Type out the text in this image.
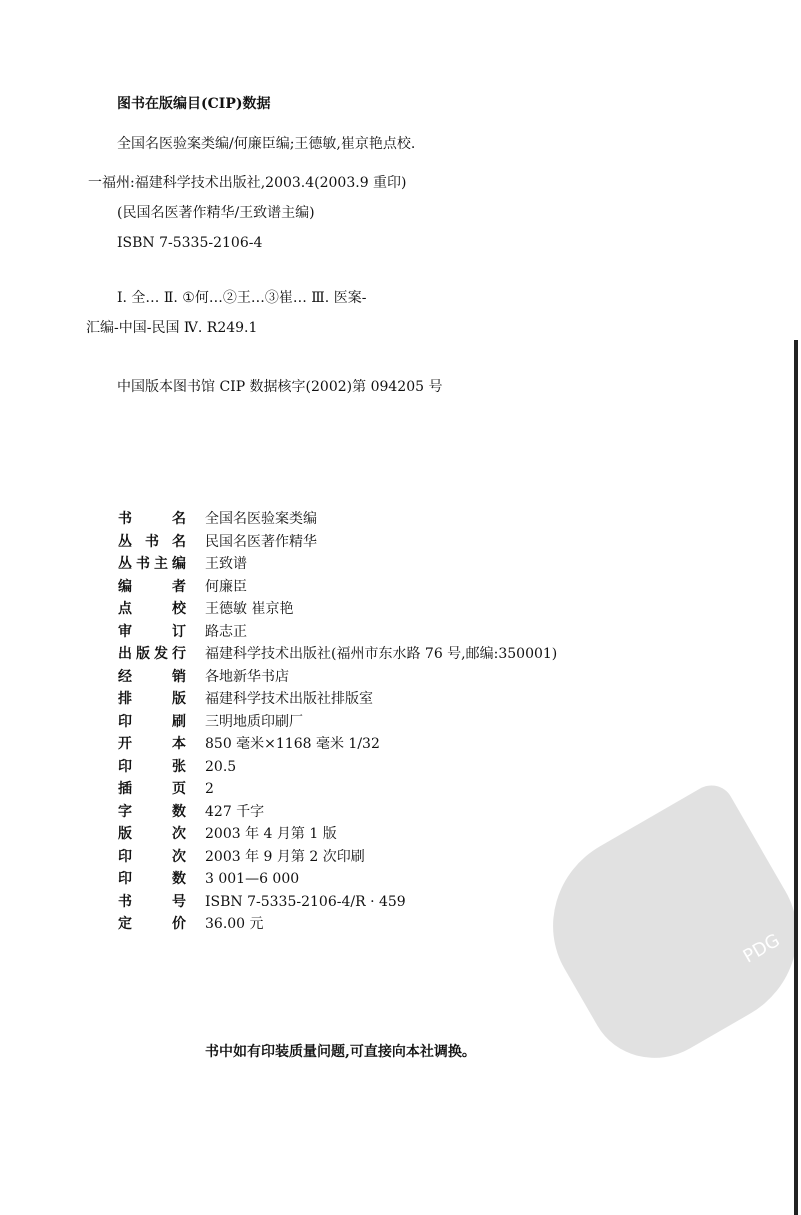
图书在版编目(CIP)数据
全国名医验案类编/何廉臣编;王德敏,崔京艳点校.
一福州:福建科学技术出版社,2003.4(2003.9 重印)
(民国名医著作精华/王致谱主编)
ISBN 7-5335-2106-4
Ⅰ. 全… Ⅱ. ①何…②王…③崔… Ⅲ. 医案-
汇编-中国-民国 Ⅳ. R249.1
中国版本图书馆 CIP 数据核字(2002)第 094205 号
书名 全国名医验案类编
丛书名 民国名医著作精华
丛书主编 王致谱
编者 何廉臣
点校 王德敏 崔京艳
审订 路志正
出版发行 福建科学技术出版社(福州市东水路 76 号,邮编:350001)
经销 各地新华书店
排版 福建科学技术出版社排版室
印刷 三明地质印刷厂
开本 850 毫米×1168 毫米 1/32
印张 20.5
插页 2
字数 427 千字
版次 2003 年 4 月第 1 版
印次 2003 年 9 月第 2 次印刷
印数 3 001—6 000
书号 ISBN 7-5335-2106-4/R · 459
定价 36.00 元
书中如有印装质量问题,可直接向本社调换。
PDG
